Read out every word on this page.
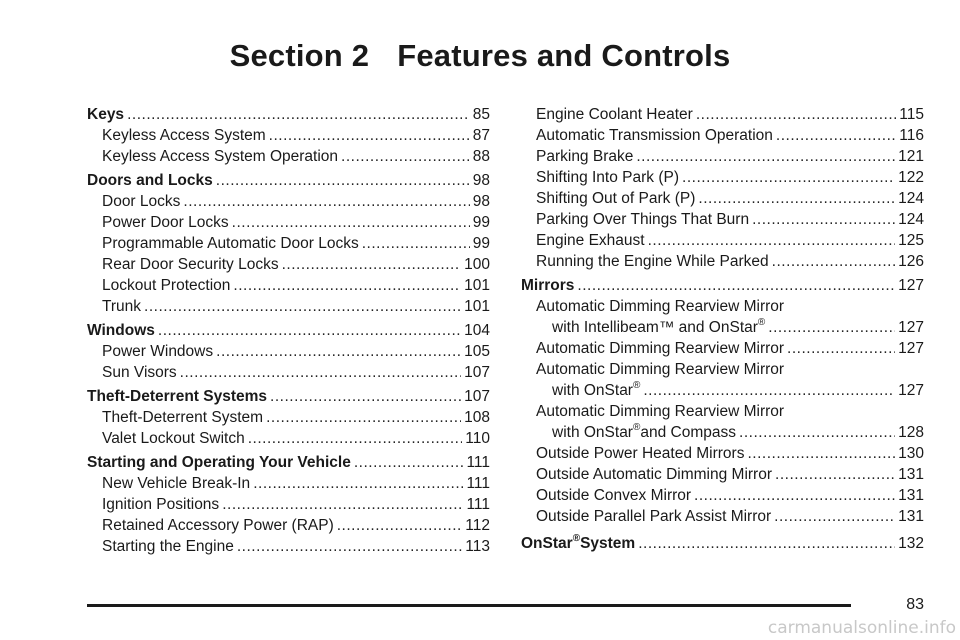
Section 2 Features and Controls
Keys . . .	85
Keyless Access System . . .	87
Keyless Access System Operation . . .	88
Doors and Locks . . .	98
Door Locks . . .	98
Power Door Locks . . .	99
Programmable Automatic Door Locks . . .	99
Rear Door Security Locks . . .	100
Lockout Protection . . .	101
Trunk . . .	101
Windows . . .	104
Power Windows . . .	105
Sun Visors . . .	107
Theft-Deterrent Systems . . .	107
Theft-Deterrent System . . .	108
Valet Lockout Switch . . .	110
Starting and Operating Your Vehicle . . .	111
New Vehicle Break-In . . .	111
Ignition Positions . . .	111
Retained Accessory Power (RAP) . . .	112
Starting the Engine . . .	113
Engine Coolant Heater . . .	115
Automatic Transmission Operation . . .	116
Parking Brake . . .	121
Shifting Into Park (P) . . .	122
Shifting Out of Park (P) . . .	124
Parking Over Things That Burn . . .	124
Engine Exhaust . . .	125
Running the Engine While Parked . . .	126
Mirrors . . .	127
Automatic Dimming Rearview Mirror
with Intellibeam™ and OnStar® . . .	127
Automatic Dimming Rearview Mirror . . .	127
Automatic Dimming Rearview Mirror
with OnStar® . . .	127
Automatic Dimming Rearview Mirror
with OnStar®and Compass . . .	128
Outside Power Heated Mirrors . . .	130
Outside Automatic Dimming Mirror . . .	131
Outside Convex Mirror . . .	131
Outside Parallel Park Assist Mirror . . .	131
OnStar®System . . .	132
83
carmanualsonline.info
